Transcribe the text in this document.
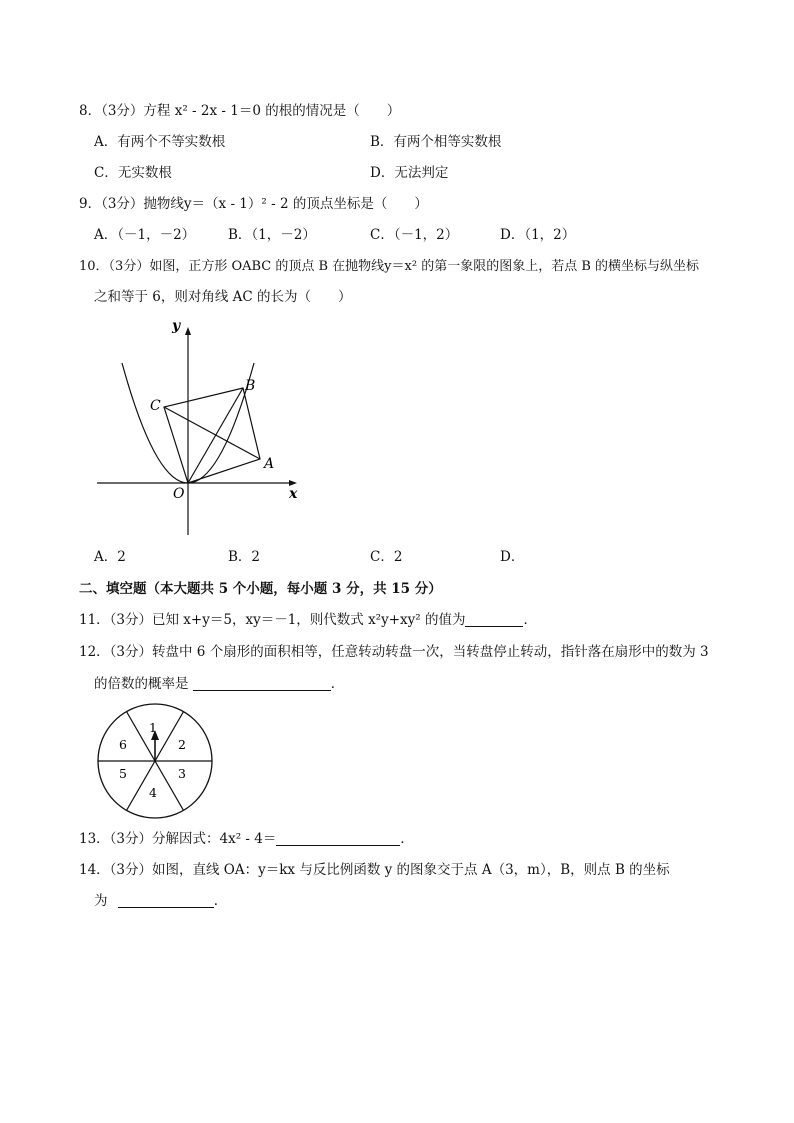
8．（3分）方程 x² - 2x - 1＝0 的根的情况是（　　）
A．有两个不等实数根	B．有两个相等实数根
C．无实数根	D．无法判定
9．（3分）抛物线y＝（x - 1）² - 2 的顶点坐标是（　　）
A．（－1，－2） B．（1，－2）	C．（－1，2）	D．（1，2）
10．（3分）如图，正方形 OABC 的顶点 B 在抛物线y＝x² 的第一象限的图象上，若点 B 的横坐标与纵坐标
之和等于 6，则对角线 AC 的长为（　　）
y
x
O
A
B
C
A．2	B．2	C．2	D．
二、填空题（本大题共 5 个小题，每小题 3 分，共 15 分）
11．（3分）已知 x+y＝5，xy＝－1，则代数式 x²y+xy² 的值为	．
12．（3分）转盘中 6 个扇形的面积相等，任意转动转盘一次，当转盘停止转动，指针落在扇形中的数为 3
的倍数的概率是	．
1
2
3
4
5
6
13．（3分）分解因式：4x² - 4＝	．
14．（3分）如图，直线 OA：y＝kx 与反比例函数 y 的图象交于点 A（3，m），B，则点 B 的坐标
为	．
